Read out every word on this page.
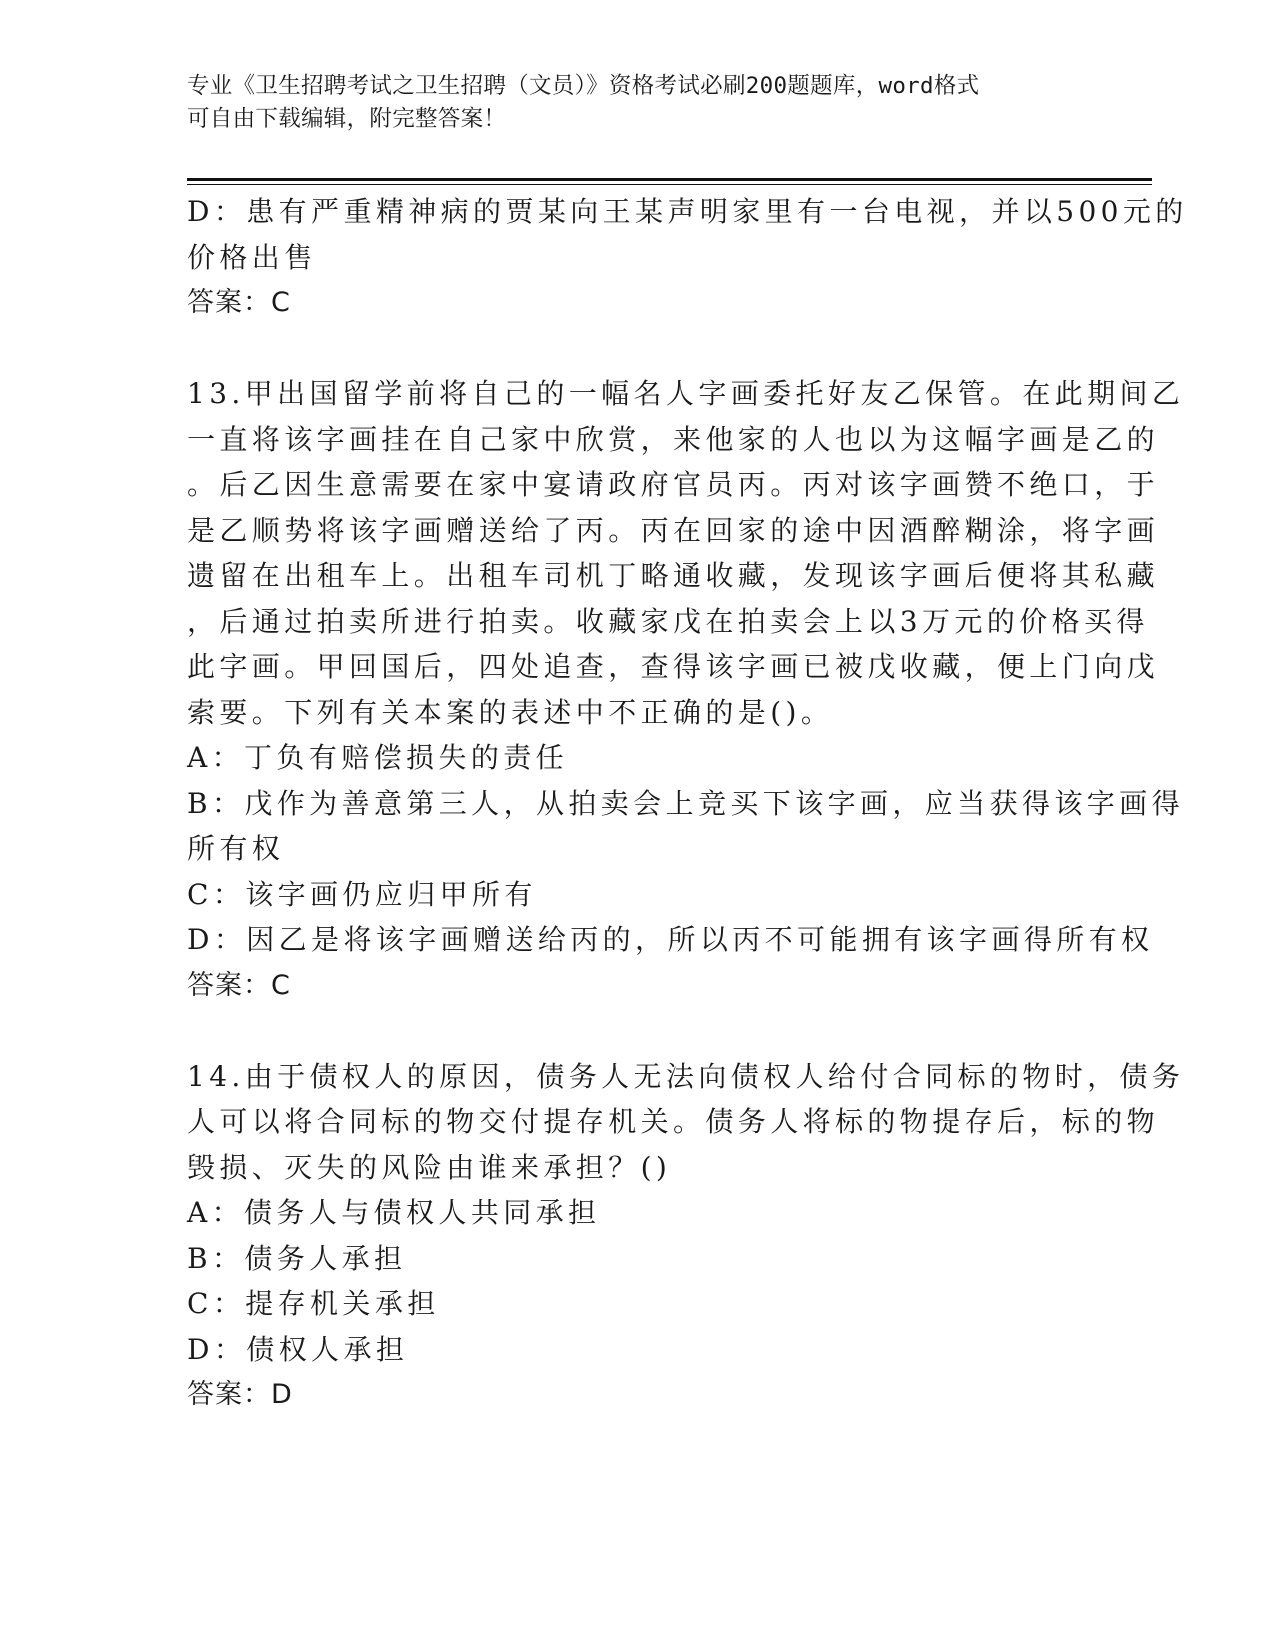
专业《卫生招聘考试之卫生招聘（文员）》资格考试必刷200题题库，word格式
可自由下载编辑，附完整答案！
D：患有严重精神病的贾某向王某声明家里有一台电视，并以500元的
价格出售
答案：C
13.甲出国留学前将自己的一幅名人字画委托好友乙保管。在此期间乙
一直将该字画挂在自己家中欣赏，来他家的人也以为这幅字画是乙的
。后乙因生意需要在家中宴请政府官员丙。丙对该字画赞不绝口，于
是乙顺势将该字画赠送给了丙。丙在回家的途中因酒醉糊涂，将字画
遗留在出租车上。出租车司机丁略通收藏，发现该字画后便将其私藏
，后通过拍卖所进行拍卖。收藏家戊在拍卖会上以3万元的价格买得
此字画。甲回国后，四处追查，查得该字画已被戊收藏，便上门向戊
索要。下列有关本案的表述中不正确的是()。
A：丁负有赔偿损失的责任
B：戊作为善意第三人，从拍卖会上竞买下该字画，应当获得该字画得
所有权
C：该字画仍应归甲所有
D：因乙是将该字画赠送给丙的，所以丙不可能拥有该字画得所有权
答案：C
14.由于债权人的原因，债务人无法向债权人给付合同标的物时，债务
人可以将合同标的物交付提存机关。债务人将标的物提存后，标的物
毁损、灭失的风险由谁来承担？()
A：债务人与债权人共同承担
B：债务人承担
C：提存机关承担
D：债权人承担
答案：D
